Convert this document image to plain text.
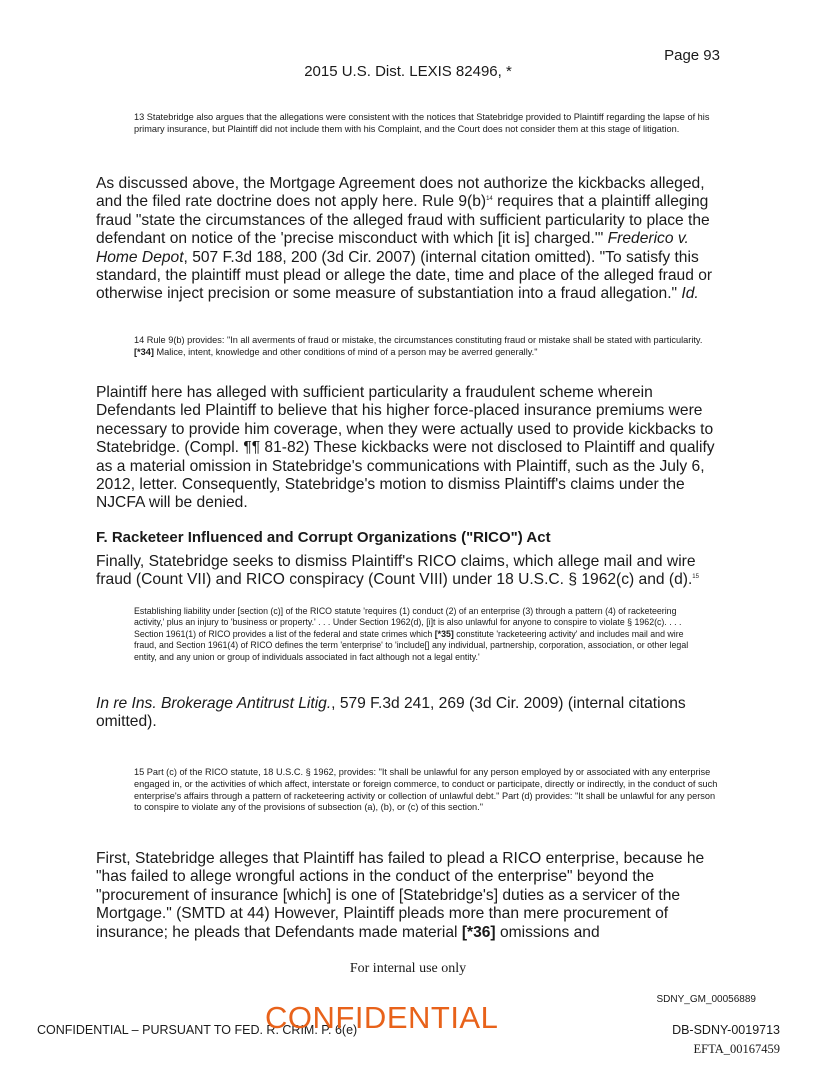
Page 93
2015 U.S. Dist. LEXIS 82496, *
13 Statebridge also argues that the allegations were consistent with the notices that Statebridge provided to Plaintiff regarding the lapse of his primary insurance, but Plaintiff did not include them with his Complaint, and the Court does not consider them at this stage of litigation.
As discussed above, the Mortgage Agreement does not authorize the kickbacks alleged, and the filed rate doctrine does not apply here. Rule $9(b)^{14}$ requires that a plaintiff alleging fraud "state the circumstances of the alleged fraud with sufficient particularity to place the defendant on notice of the 'precise misconduct with which [it is] charged.'" Frederico v. Home Depot, 507 F.3d 188, 200 (3d Cir. 2007) (internal citation omitted). "To satisfy this standard, the plaintiff must plead or allege the date, time and place of the alleged fraud or otherwise inject precision or some measure of substantiation into a fraud allegation." Id.
14 Rule 9(b) provides: "In all averments of fraud or mistake, the circumstances constituting fraud or mistake shall be stated with particularity. [*34] Malice, intent, knowledge and other conditions of mind of a person may be averred generally."
Plaintiff here has alleged with sufficient particularity a fraudulent scheme wherein Defendants led Plaintiff to believe that his higher force-placed insurance premiums were necessary to provide him coverage, when they were actually used to provide kickbacks to Statebridge. (Compl. ¶¶ 81-82) These kickbacks were not disclosed to Plaintiff and qualify as a material omission in Statebridge's communications with Plaintiff, such as the July 6, 2012, letter. Consequently, Statebridge's motion to dismiss Plaintiff's claims under the NJCFA will be denied.
F. Racketeer Influenced and Corrupt Organizations ("RICO") Act
Finally, Statebridge seeks to dismiss Plaintiff's RICO claims, which allege mail and wire fraud (Count VII) and RICO conspiracy (Count VIII) under 18 U.S.C. § 1962(c) and (d).$^{15}$
Establishing liability under [section (c)] of the RICO statute 'requires (1) conduct (2) of an enterprise (3) through a pattern (4) of racketeering activity,' plus an injury to 'business or property.' . . . Under Section 1962(d), [i]t is also unlawful for anyone to conspire to violate § 1962(c). . . . Section 1961(1) of RICO provides a list of the federal and state crimes which [*35] constitute 'racketeering activity' and includes mail and wire fraud, and Section 1961(4) of RICO defines the term 'enterprise' to 'include[] any individual, partnership, corporation, association, or other legal entity, and any union or group of individuals associated in fact although not a legal entity.'
In re Ins. Brokerage Antitrust Litig., 579 F.3d 241, 269 (3d Cir. 2009) (internal citations omitted).
15 Part (c) of the RICO statute, 18 U.S.C. § 1962, provides: "It shall be unlawful for any person employed by or associated with any enterprise engaged in, or the activities of which affect, interstate or foreign commerce, to conduct or participate, directly or indirectly, in the conduct of such enterprise's affairs through a pattern of racketeering activity or collection of unlawful debt." Part (d) provides: "It shall be unlawful for any person to conspire to violate any of the provisions of subsection (a), (b), or (c) of this section."
First, Statebridge alleges that Plaintiff has failed to plead a RICO enterprise, because he "has failed to allege wrongful actions in the conduct of the enterprise" beyond the "procurement of insurance [which] is one of [Statebridge's] duties as a servicer of the Mortgage." (SMTD at 44) However, Plaintiff pleads more than mere procurement of insurance; he pleads that Defendants made material [*36] omissions and
For internal use only
SDNY_GM_00056889
CONFIDENTIAL – PURSUANT TO FED. R. CRIM. P. 6(e)
CONFIDENTIAL	DB-SDNY-0019713
EFTA_00167459
